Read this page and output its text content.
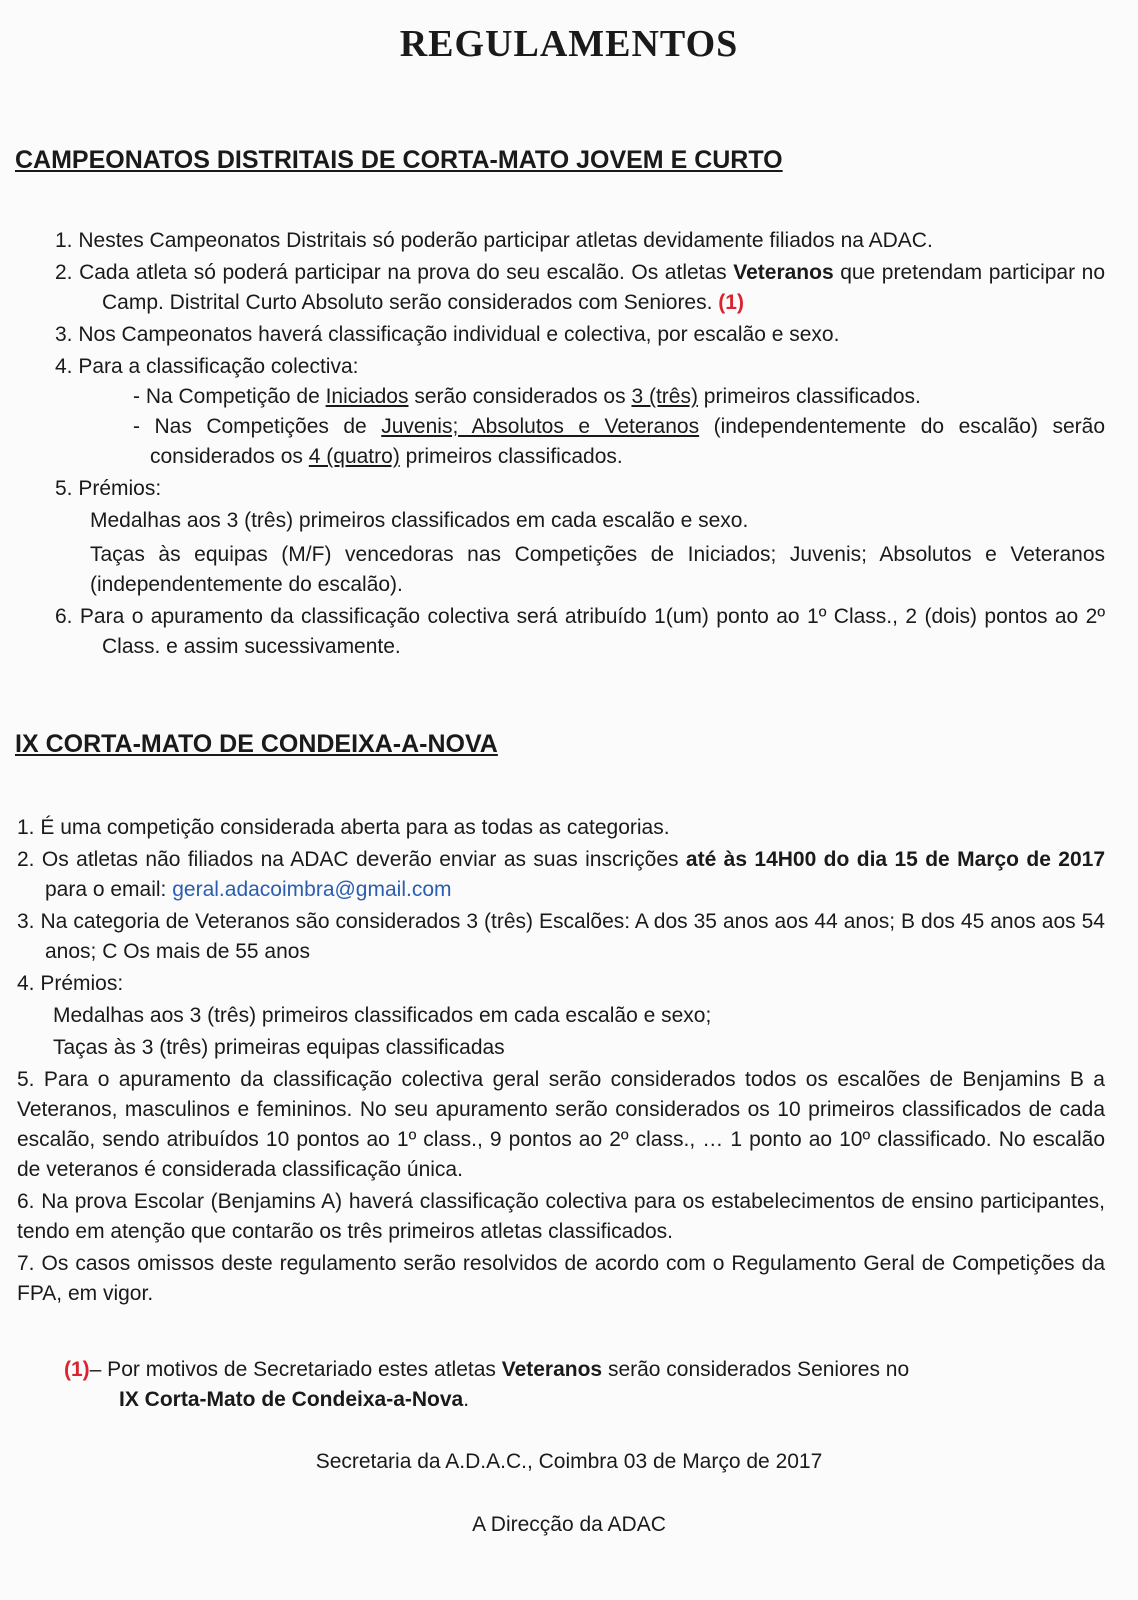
REGULAMENTOS
CAMPEONATOS DISTRITAIS DE CORTA-MATO JOVEM E CURTO
1. Nestes Campeonatos Distritais só poderão participar atletas devidamente filiados na ADAC.
2. Cada atleta só poderá participar na prova do seu escalão. Os atletas Veteranos que pretendam participar no Camp. Distrital Curto Absoluto serão considerados com Seniores. (1)
3. Nos Campeonatos haverá classificação individual e colectiva, por escalão e sexo.
4. Para a classificação colectiva:
- Na Competição de Iniciados serão considerados os 3 (três) primeiros classificados.
- Nas Competições de Juvenis; Absolutos e Veteranos (independentemente do escalão) serão considerados os 4 (quatro) primeiros classificados.
5. Prémios:
Medalhas aos 3 (três) primeiros classificados em cada escalão e sexo.
Taças às equipas (M/F) vencedoras nas Competições de Iniciados; Juvenis; Absolutos e Veteranos (independentemente do escalão).
6. Para o apuramento da classificação colectiva será atribuído 1(um) ponto ao 1º Class., 2 (dois) pontos ao 2º Class. e assim sucessivamente.
IX CORTA-MATO DE CONDEIXA-A-NOVA
1. É uma competição considerada aberta para as todas as categorias.
2. Os atletas não filiados na ADAC deverão enviar as suas inscrições até às 14H00 do dia 15 de Março de 2017 para o email: geral.adacoimbra@gmail.com
3. Na categoria de Veteranos são considerados 3 (três) Escalões: A dos 35 anos aos 44 anos; B dos 45 anos aos 54 anos; C Os mais de 55 anos
4. Prémios:
Medalhas aos 3 (três) primeiros classificados em cada escalão e sexo;
Taças às 3 (três) primeiras equipas classificadas
5. Para o apuramento da classificação colectiva geral serão considerados todos os escalões de Benjamins B a Veteranos, masculinos e femininos. No seu apuramento serão considerados os 10 primeiros classificados de cada escalão, sendo atribuídos 10 pontos ao 1º class., 9 pontos ao 2º class., … 1 ponto ao 10º classificado. No escalão de veteranos é considerada classificação única.
6. Na prova Escolar (Benjamins A) haverá classificação colectiva para os estabelecimentos de ensino participantes, tendo em atenção que contarão os três primeiros atletas classificados.
7. Os casos omissos deste regulamento serão resolvidos de acordo com o Regulamento Geral de Competições da FPA, em vigor.
(1)– Por motivos de Secretariado estes atletas Veteranos serão considerados Seniores no
IX Corta-Mato de Condeixa-a-Nova.
Secretaria da A.D.A.C., Coimbra 03 de Março de 2017
A Direcção da ADAC
